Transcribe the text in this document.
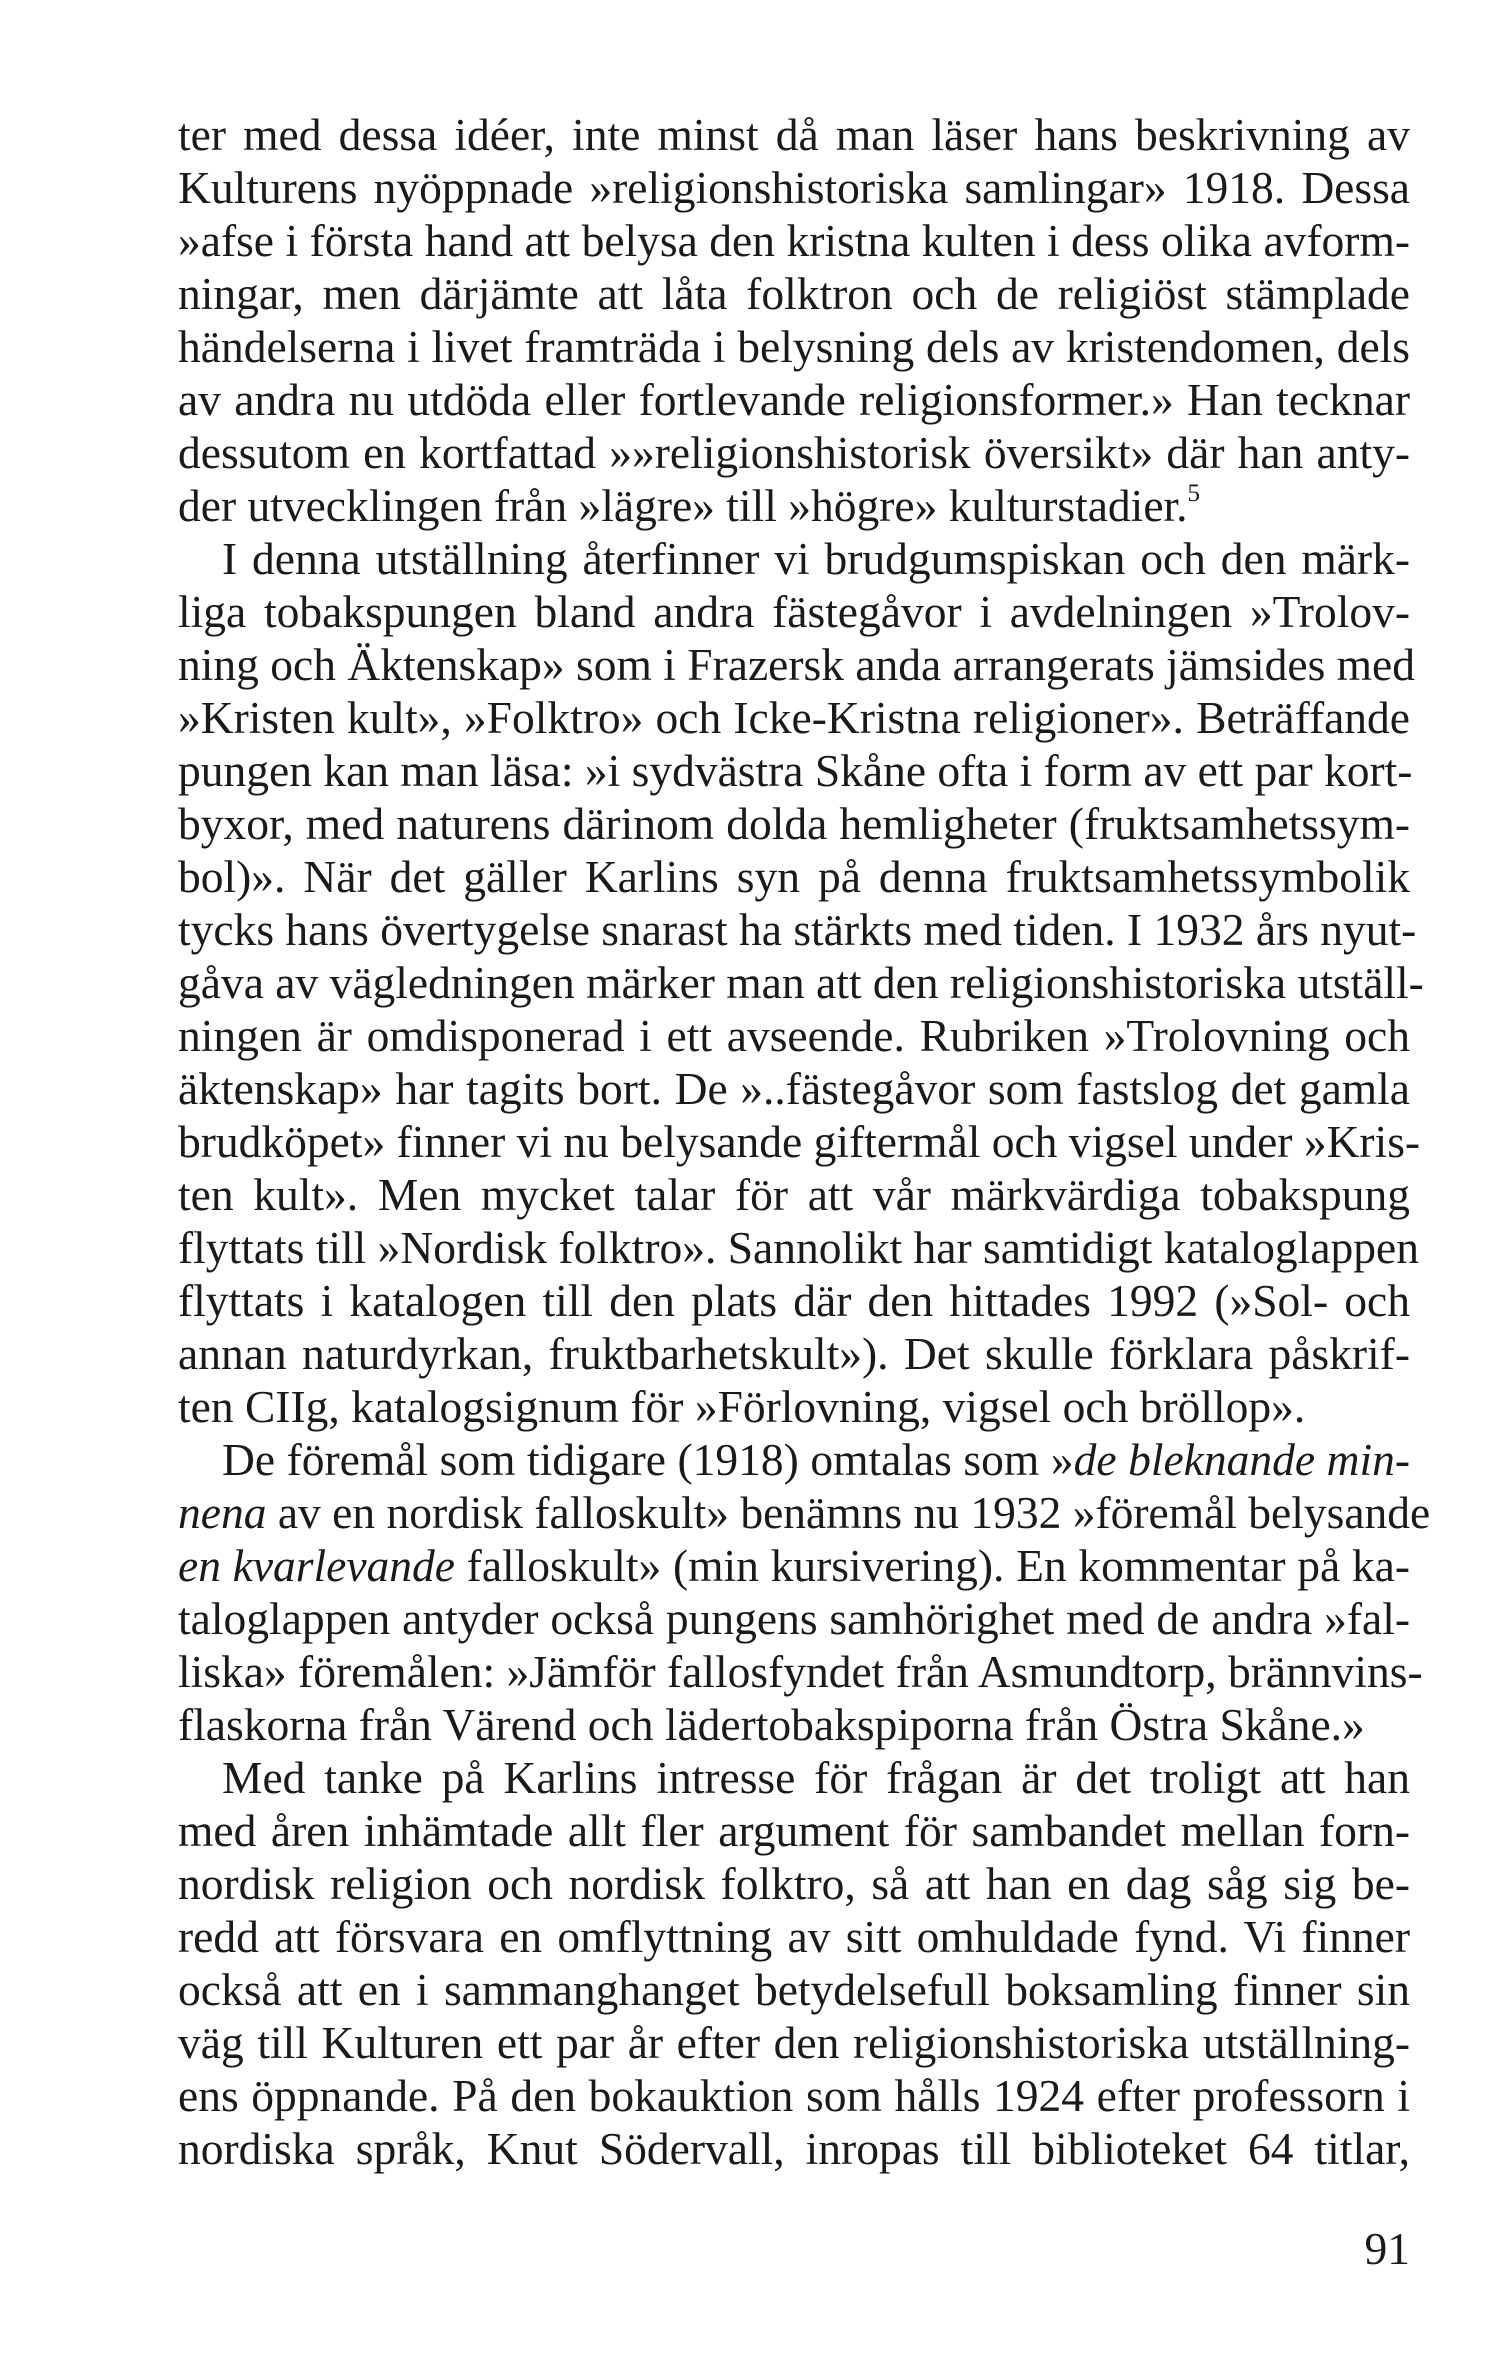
ter med dessa idéer, inte minst då man läser hans beskrivning av
Kulturens nyöppnade »religionshistoriska samlingar» 1918. Dessa
»afse i första hand att belysa den kristna kulten i dess olika avform-
ningar, men därjämte att låta folktron och de religiöst stämplade
händelserna i livet framträda i belysning dels av kristendomen, dels
av andra nu utdöda eller fortlevande religionsformer.» Han tecknar
dessutom en kortfattad »»religionshistorisk översikt» där han anty-
der utvecklingen från »lägre» till »högre» kulturstadier.$^5$
I denna utställning återfinner vi brudgumspiskan och den märk-
liga tobakspungen bland andra fästegåvor i avdelningen »Trolov-
ning och Äktenskap» som i Frazersk anda arrangerats jämsides med
»Kristen kult», »Folktro» och Icke-Kristna religioner». Beträffande
pungen kan man läsa: »i sydvästra Skåne ofta i form av ett par kort-
byxor, med naturens därinom dolda hemligheter (fruktsamhetssym-
bol)». När det gäller Karlins syn på denna fruktsamhetssymbolik
tycks hans övertygelse snarast ha stärkts med tiden. I 1932 års nyut-
gåva av vägledningen märker man att den religionshistoriska utställ-
ningen är omdisponerad i ett avseende. Rubriken »Trolovning och
äktenskap» har tagits bort. De »..fästegåvor som fastslog det gamla
brudköpet» finner vi nu belysande giftermål och vigsel under »Kris-
ten kult». Men mycket talar för att vår märkvärdiga tobakspung
flyttats till »Nordisk folktro». Sannolikt har samtidigt kataloglappen
flyttats i katalogen till den plats där den hittades 1992 (»Sol- och
annan naturdyrkan, fruktbarhetskult»). Det skulle förklara påskrif-
ten CIIg, katalogsignum för »Förlovning, vigsel och bröllop».
De föremål som tidigare (1918) omtalas som »de bleknande min-
nena av en nordisk falloskult» benämns nu 1932 »föremål belysande
en kvarlevande falloskult» (min kursivering). En kommentar på ka-
taloglappen antyder också pungens samhörighet med de andra »fal-
liska» föremålen: »Jämför fallosfyndet från Asmundtorp, brännvins-
flaskorna från Värend och lädertobakspiporna från Östra Skåne.»
Med tanke på Karlins intresse för frågan är det troligt att han
med åren inhämtade allt fler argument för sambandet mellan forn-
nordisk religion och nordisk folktro, så att han en dag såg sig be-
redd att försvara en omflyttning av sitt omhuldade fynd. Vi finner
också att en i sammanghanget betydelsefull boksamling finner sin
väg till Kulturen ett par år efter den religionshistoriska utställning-
ens öppnande. På den bokauktion som hålls 1924 efter professorn i
nordiska språk, Knut Södervall, inropas till biblioteket 64 titlar,
91
